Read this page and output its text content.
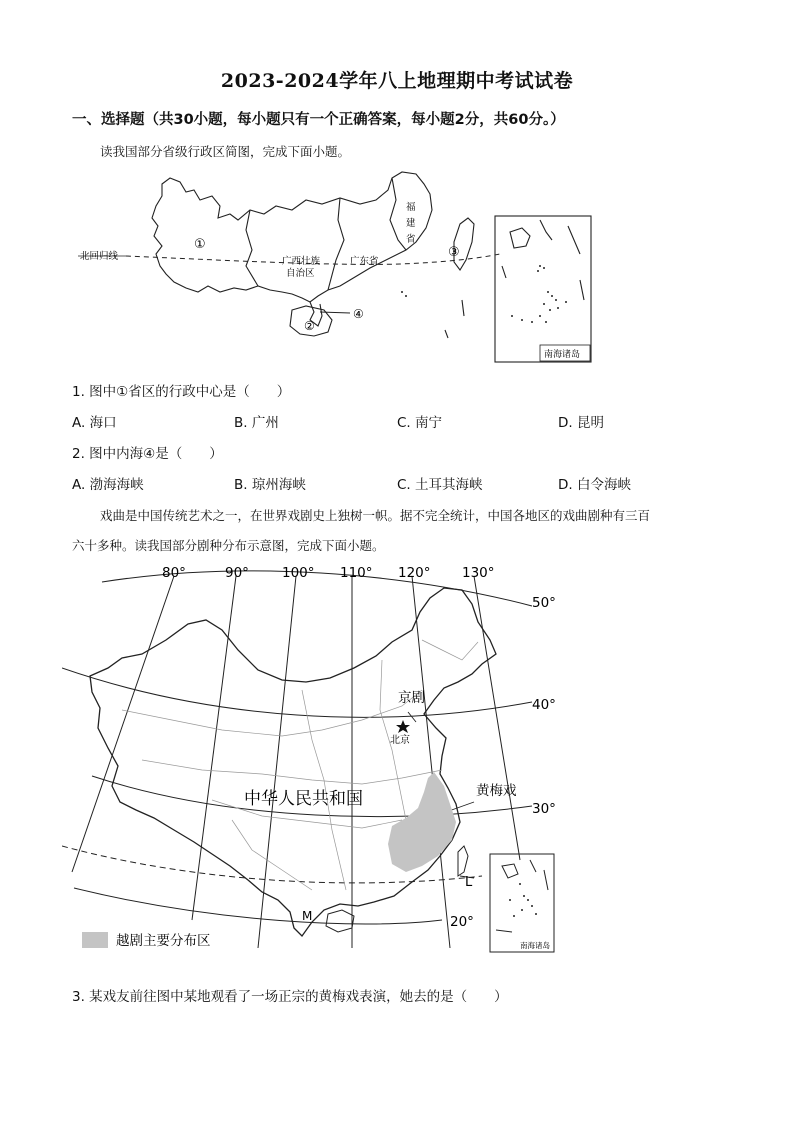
2023-2024学年八上地理期中考试试卷
一、选择题（共30小题，每小题只有一个正确答案，每小题2分，共60分。）
读我国部分省级行政区简图，完成下面小题。
北回归线
①
②
③
④
广西壮族
自治区
广东省
福
建
省
南海诸岛
1. 图中①省区的行政中心是（　　）
A. 海口	B. 广州	C. 南宁	D. 昆明
2. 图中内海④是（　　）
A. 渤海海峡	B. 琼州海峡	C. 土耳其海峡	D. 白令海峡
戏曲是中国传统艺术之一，在世界戏剧史上独树一帜。据不完全统计，中国各地区的戏曲剧种有三百
六十多种。读我国部分剧种分布示意图，完成下面小题。
80°	90° 100° 110° 120° 130°
50°
40°
30°
20°
京剧
北京
黄梅戏
中华人民共和国
L
M
南海诸岛
越剧主要分布区
3. 某戏友前往图中某地观看了一场正宗的黄梅戏表演，她去的是（　　）
